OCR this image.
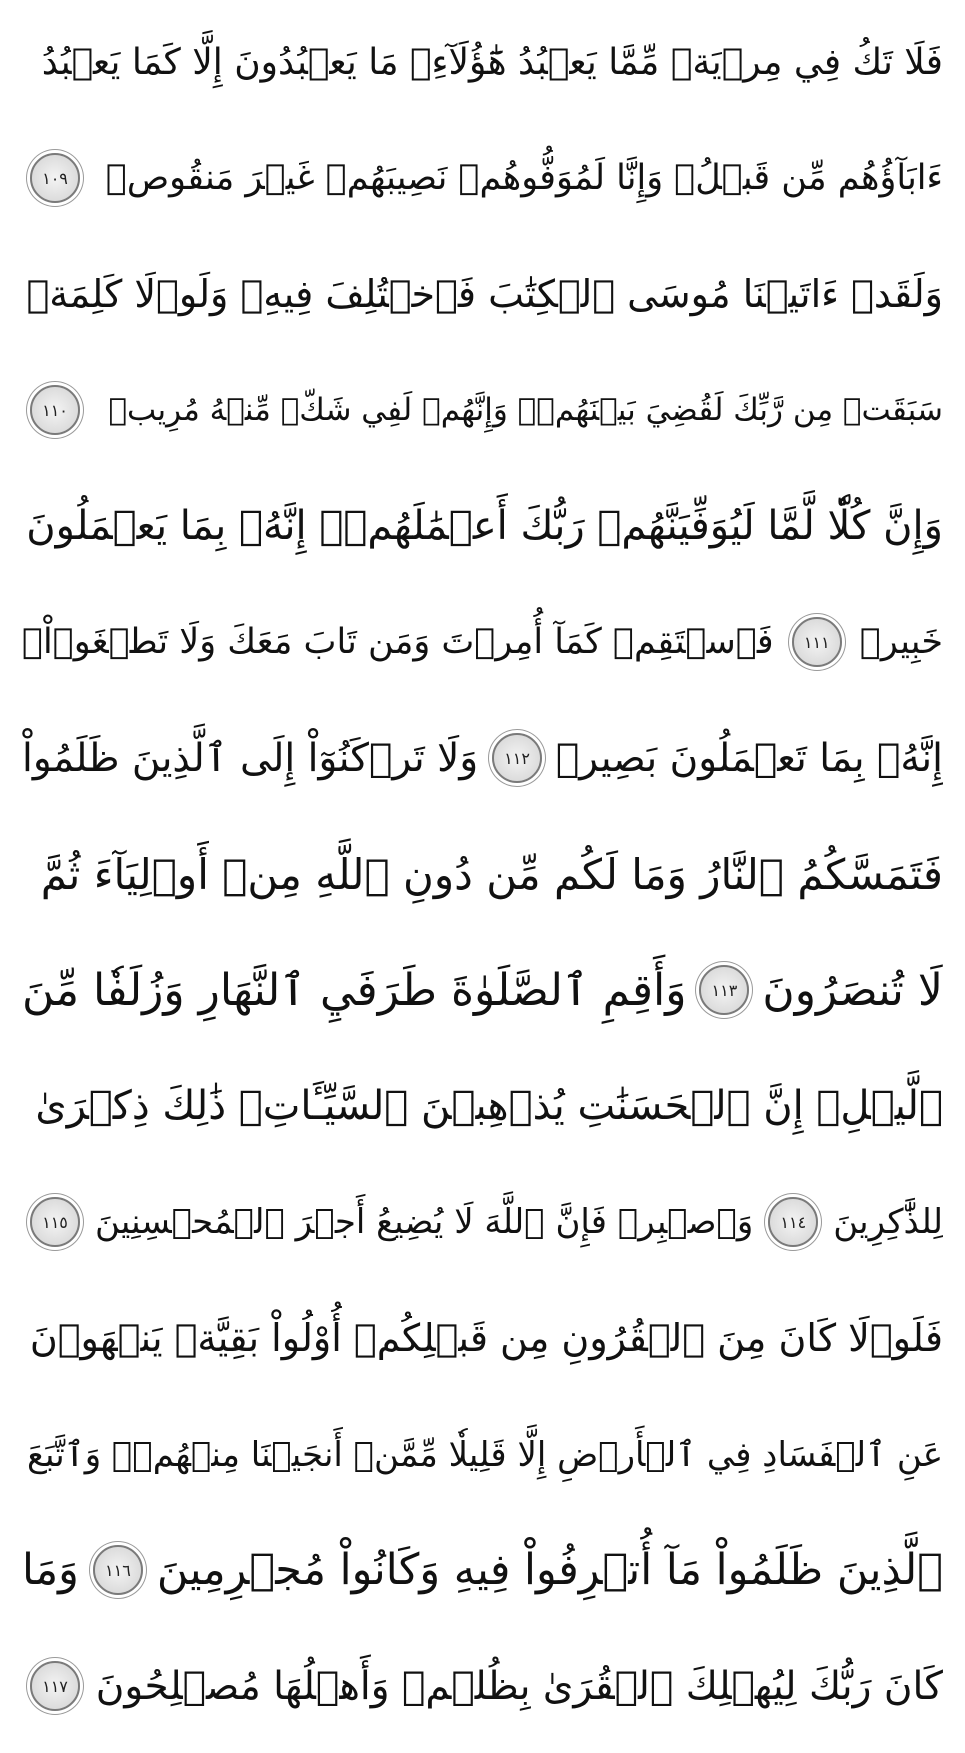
فَلَا تَكُ فِي مِرۡيَةٖ مِّمَّا يَعۡبُدُ هَٰٓؤُلَآءِۚ مَا يَعۡبُدُونَ إِلَّا كَمَا يَعۡبُدُ
ءَابَآؤُهُم مِّن قَبۡلُۚ وَإِنَّا لَمُوَفُّوهُمۡ نَصِيبَهُمۡ غَيۡرَ مَنقُوصٖ
١٠٩
وَلَقَدۡ ءَاتَيۡنَا مُوسَى ٱلۡكِتَٰبَ فَٱخۡتُلِفَ فِيهِۚ وَلَوۡلَا كَلِمَةٞ
سَبَقَتۡ مِن رَّبِّكَ لَقُضِيَ بَيۡنَهُمۡۚ وَإِنَّهُمۡ لَفِي شَكّٖ مِّنۡهُ مُرِيبٖ
١١٠
وَإِنَّ كُلّٗا لَّمَّا لَيُوَفِّيَنَّهُمۡ رَبُّكَ أَعۡمَٰلَهُمۡۚ إِنَّهُۥ بِمَا يَعۡمَلُونَ
خَبِيرٞ
١١١
فَٱسۡتَقِمۡ كَمَآ أُمِرۡتَ وَمَن تَابَ مَعَكَ وَلَا تَطۡغَوۡاْۚ
إِنَّهُۥ بِمَا تَعۡمَلُونَ بَصِيرٞ
١١٢
وَلَا تَرۡكَنُوٓاْ إِلَى ٱلَّذِينَ ظَلَمُواْ
فَتَمَسَّكُمُ ٱلنَّارُ وَمَا لَكُم مِّن دُونِ ٱللَّهِ مِنۡ أَوۡلِيَآءَ ثُمَّ
لَا تُنصَرُونَ
١١٣
وَأَقِمِ ٱلصَّلَوٰةَ طَرَفَيِ ٱلنَّهَارِ وَزُلَفٗا مِّنَ
ٱلَّيۡلِۚ إِنَّ ٱلۡحَسَنَٰتِ يُذۡهِبۡنَ ٱلسَّيِّـَٔاتِۚ ذَٰلِكَ ذِكۡرَىٰ
لِلذَّٰكِرِينَ
١١٤
وَٱصۡبِرۡ فَإِنَّ ٱللَّهَ لَا يُضِيعُ أَجۡرَ ٱلۡمُحۡسِنِينَ
١١٥
فَلَوۡلَا كَانَ مِنَ ٱلۡقُرُونِ مِن قَبۡلِكُمۡ أُوْلُواْ بَقِيَّةٖ يَنۡهَوۡنَ
عَنِ ٱلۡفَسَادِ فِي ٱلۡأَرۡضِ إِلَّا قَلِيلٗا مِّمَّنۡ أَنجَيۡنَا مِنۡهُمۡۗ وَٱتَّبَعَ
ٱلَّذِينَ ظَلَمُواْ مَآ أُتۡرِفُواْ فِيهِ وَكَانُواْ مُجۡرِمِينَ
١١٦
وَمَا
كَانَ رَبُّكَ لِيُهۡلِكَ ٱلۡقُرَىٰ بِظُلۡمٖ وَأَهۡلُهَا مُصۡلِحُونَ
١١٧
